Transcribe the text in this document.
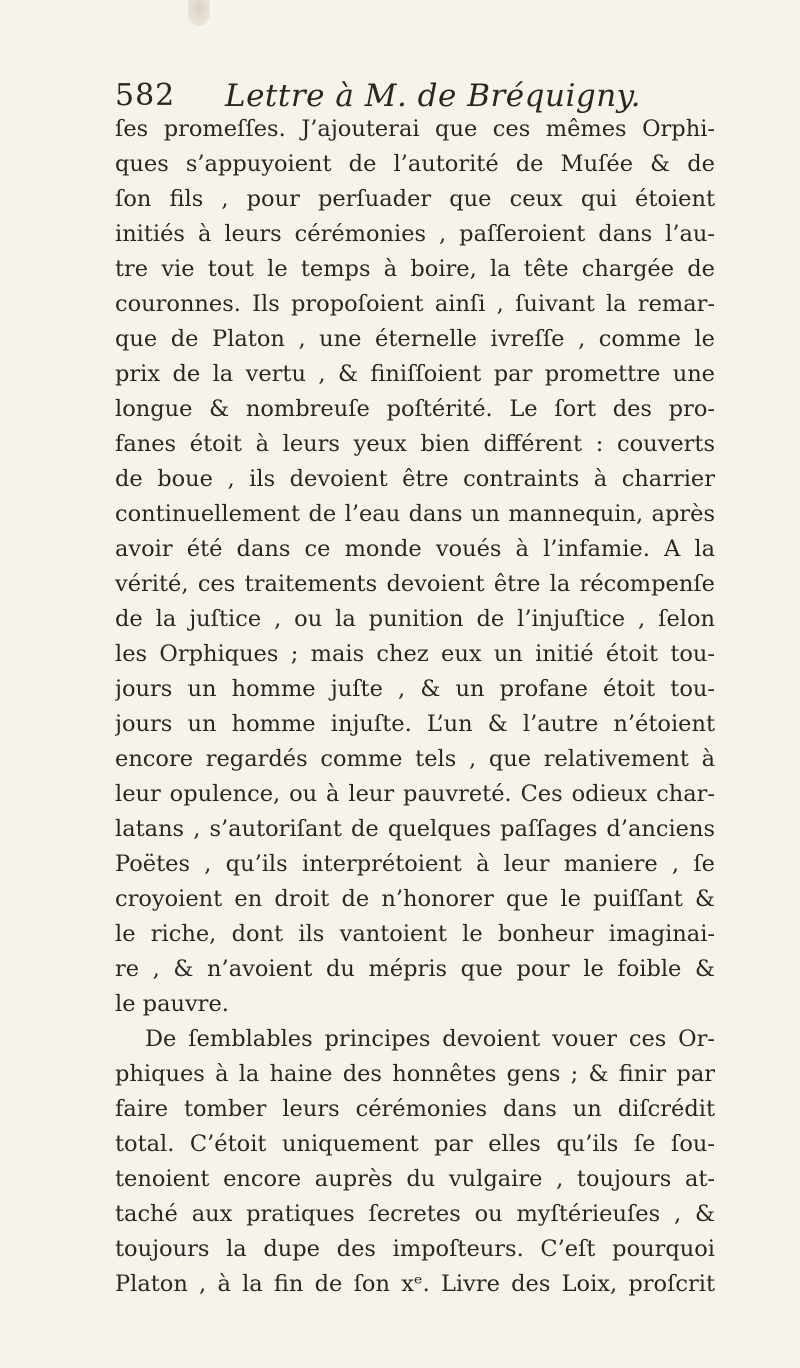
582 Lettre à M. de Bréquigny.
ſes promeſſes. J’ajouterai que ces mêmes Orphi-
ques s’appuyoient de l’autorité de Muſée & de
ſon fils , pour perſuader que ceux qui étoient
initiés à leurs cérémonies , paſſeroient dans l’au-
tre vie tout le temps à boire, la tête chargée de
couronnes. Ils propoſoient ainſi , ſuivant la remar-
que de Platon , une éternelle ivreſſe , comme le
prix de la vertu , & finiſſoient par promettre une
longue & nombreuſe poſtérité. Le ſort des pro-
fanes étoit à leurs yeux bien différent : couverts
de boue , ils devoient être contraints à charrier
continuellement de l’eau dans un mannequin, après
avoir été dans ce monde voués à l’infamie. A la
vérité, ces traitements devoient être la récompenſe
de la juſtice , ou la punition de l’injuſtice , ſelon
les Orphiques ; mais chez eux un initié étoit tou-
jours un homme juſte , & un profane étoit tou-
jours un homme injuſte. L’un & l’autre n’étoient
encore regardés comme tels , que relativement à
leur opulence, ou à leur pauvreté. Ces odieux char-
latans , s’autoriſant de quelques paſſages d’anciens
Poëtes , qu’ils interprétoient à leur maniere , ſe
croyoient en droit de n’honorer que le puiſſant &
le riche, dont ils vantoient le bonheur imaginai-
re , & n’avoient du mépris que pour le foible &
le pauvre.
De ſemblables principes devoient vouer ces Or-
phiques à la haine des honnêtes gens ; & finir par
faire tomber leurs cérémonies dans un diſcrédit
total. C’étoit uniquement par elles qu’ils ſe ſou-
tenoient encore auprès du vulgaire , toujours at-
taché aux pratiques ſecretes ou myſtérieuſes , &
toujours la dupe des impoſteurs. C’eſt pourquoi
Platon , à la fin de ſon xᵉ. Livre des Loix, proſcrit
